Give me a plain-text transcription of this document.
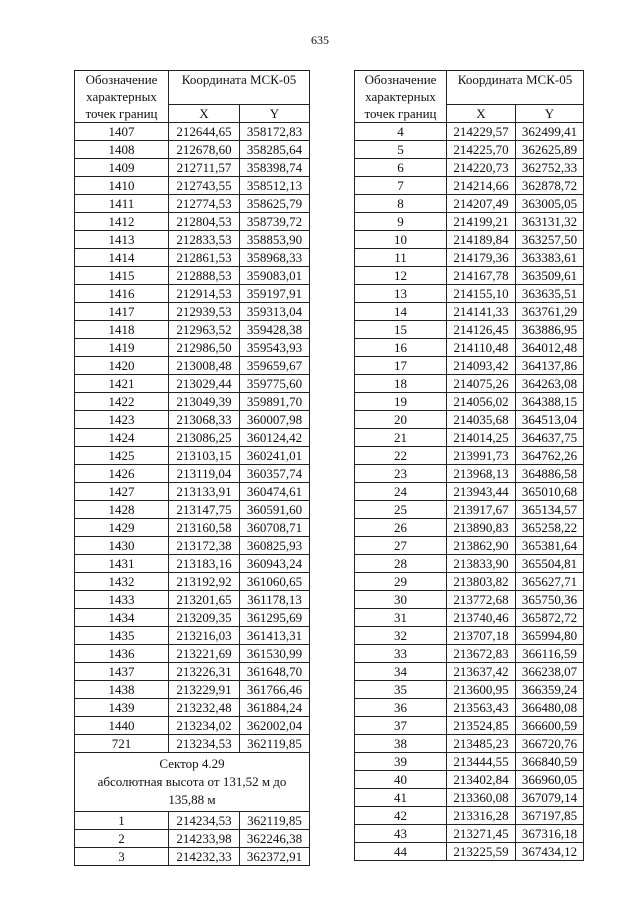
635
Обозначение характерных точек границ	Координата МСК-05	
	X	Y
1407	212644,65	358172,83
1408	212678,60	358285,64
1409	212711,57	358398,74
1410	212743,55	358512,13
1411	212774,53	358625,79
1412	212804,53	358739,72
1413	212833,53	358853,90
1414	212861,53	358968,33
1415	212888,53	359083,01
1416	212914,53	359197,91
1417	212939,53	359313,04
1418	212963,52	359428,38
1419	212986,50	359543,93
1420	213008,48	359659,67
1421	213029,44	359775,60
1422	213049,39	359891,70
1423	213068,33	360007,98
1424	213086,25	360124,42
1425	213103,15	360241,01
1426	213119,04	360357,74
1427	213133,91	360474,61
1428	213147,75	360591,60
1429	213160,58	360708,71
1430	213172,38	360825,93
1431	213183,16	360943,24
1432	213192,92	361060,65
1433	213201,65	361178,13
1434	213209,35	361295,69
1435	213216,03	361413,31
1436	213221,69	361530,99
1437	213226,31	361648,70
1438	213229,91	361766,46
1439	213232,48	361884,24
1440	213234,02	362002,04
721	213234,53	362119,85

Сектор 4.29
абсолютная высота от 131,52 м до 135,88 м		

1	214234,53	362119,85
2	214233,98	362246,38
3	214232,33	362372,91
Обозначение характерных точек границ	Координата МСК-05	
	X	Y
4	214229,57	362499,41
5	214225,70	362625,89
6	214220,73	362752,33
7	214214,66	362878,72
8	214207,49	363005,05
9	214199,21	363131,32
10	214189,84	363257,50
11	214179,36	363383,61
12	214167,78	363509,61
13	214155,10	363635,51
14	214141,33	363761,29
15	214126,45	363886,95
16	214110,48	364012,48
17	214093,42	364137,86
18	214075,26	364263,08
19	214056,02	364388,15
20	214035,68	364513,04
21	214014,25	364637,75
22	213991,73	364762,26
23	213968,13	364886,58
24	213943,44	365010,68
25	213917,67	365134,57
26	213890,83	365258,22
27	213862,90	365381,64
28	213833,90	365504,81
29	213803,82	365627,71
30	213772,68	365750,36
31	213740,46	365872,72
32	213707,18	365994,80
33	213672,83	366116,59
34	213637,42	366238,07
35	213600,95	366359,24
36	213563,43	366480,08
37	213524,85	366600,59
38	213485,23	366720,76
39	213444,55	366840,59
40	213402,84	366960,05
41	213360,08	367079,14
42	213316,28	367197,85
43	213271,45	367316,18
44	213225,59	367434,12
